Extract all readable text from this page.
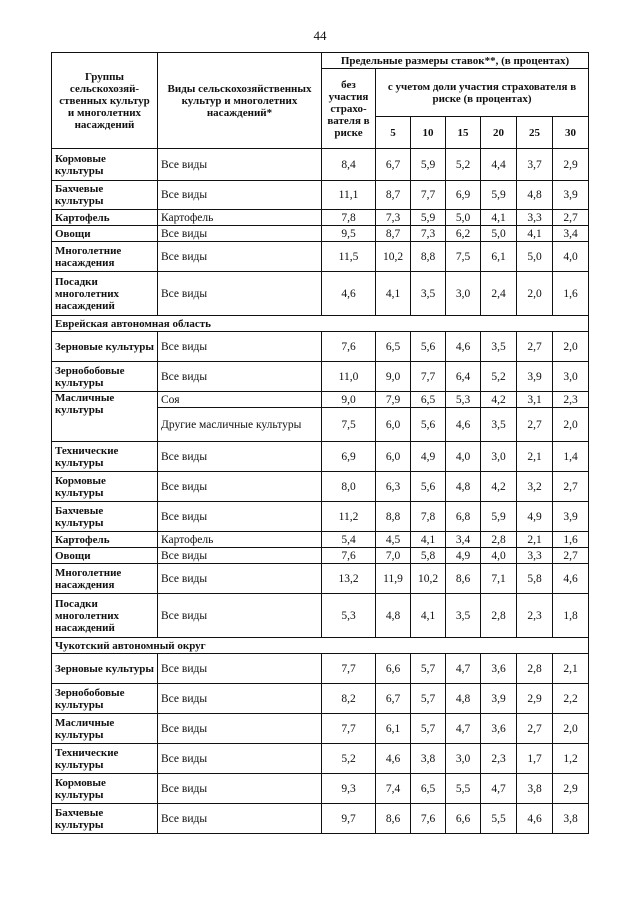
44
Группы сельскохозяй-ственных культур и многолетних насаждений	Виды сельскохозяйственных культур и многолетних насаждений*	Предельные размеры ставок**, (в процентах)						
		без участия страхо-вателя в риске	с учетом доли участия страхователя в риске (в процентах)					
			5	10	15	20	25	30
Кормовые культуры	Все виды	8,4	6,7	5,9	5,2	4,4	3,7	2,9
Бахчевые культуры	Все виды	11,1	8,7	7,7	6,9	5,9	4,8	3,9
Картофель	Картофель	7,8	7,3	5,9	5,0	4,1	3,3	2,7
Овощи	Все виды	9,5	8,7	7,3	6,2	5,0	4,1	3,4
Многолетние насаждения	Все виды	11,5	10,2	8,8	7,5	6,1	5,0	4,0
Посадки многолетних насаждений	Все виды	4,6	4,1	3,5	3,0	2,4	2,0	1,6
Еврейская автономная область								
Зерновые культуры	Все виды	7,6	6,5	5,6	4,6	3,5	2,7	2,0
Зернобобовые культуры	Все виды	11,0	9,0	7,7	6,4	5,2	3,9	3,0
Масличные культуры	Соя	9,0	7,9	6,5	5,3	4,2	3,1	2,3
	Другие масличные культуры	7,5	6,0	5,6	4,6	3,5	2,7	2,0
Технические культуры	Все виды	6,9	6,0	4,9	4,0	3,0	2,1	1,4
Кормовые культуры	Все виды	8,0	6,3	5,6	4,8	4,2	3,2	2,7
Бахчевые культуры	Все виды	11,2	8,8	7,8	6,8	5,9	4,9	3,9
Картофель	Картофель	5,4	4,5	4,1	3,4	2,8	2,1	1,6
Овощи	Все виды	7,6	7,0	5,8	4,9	4,0	3,3	2,7
Многолетние насаждения	Все виды	13,2	11,9	10,2	8,6	7,1	5,8	4,6
Посадки многолетних насаждений	Все виды	5,3	4,8	4,1	3,5	2,8	2,3	1,8
Чукотский автономный округ								
Зерновые культуры	Все виды	7,7	6,6	5,7	4,7	3,6	2,8	2,1
Зернобобовые культуры	Все виды	8,2	6,7	5,7	4,8	3,9	2,9	2,2
Масличные культуры	Все виды	7,7	6,1	5,7	4,7	3,6	2,7	2,0
Технические культуры	Все виды	5,2	4,6	3,8	3,0	2,3	1,7	1,2
Кормовые культуры	Все виды	9,3	7,4	6,5	5,5	4,7	3,8	2,9
Бахчевые культуры	Все виды	9,7	8,6	7,6	6,6	5,5	4,6	3,8
